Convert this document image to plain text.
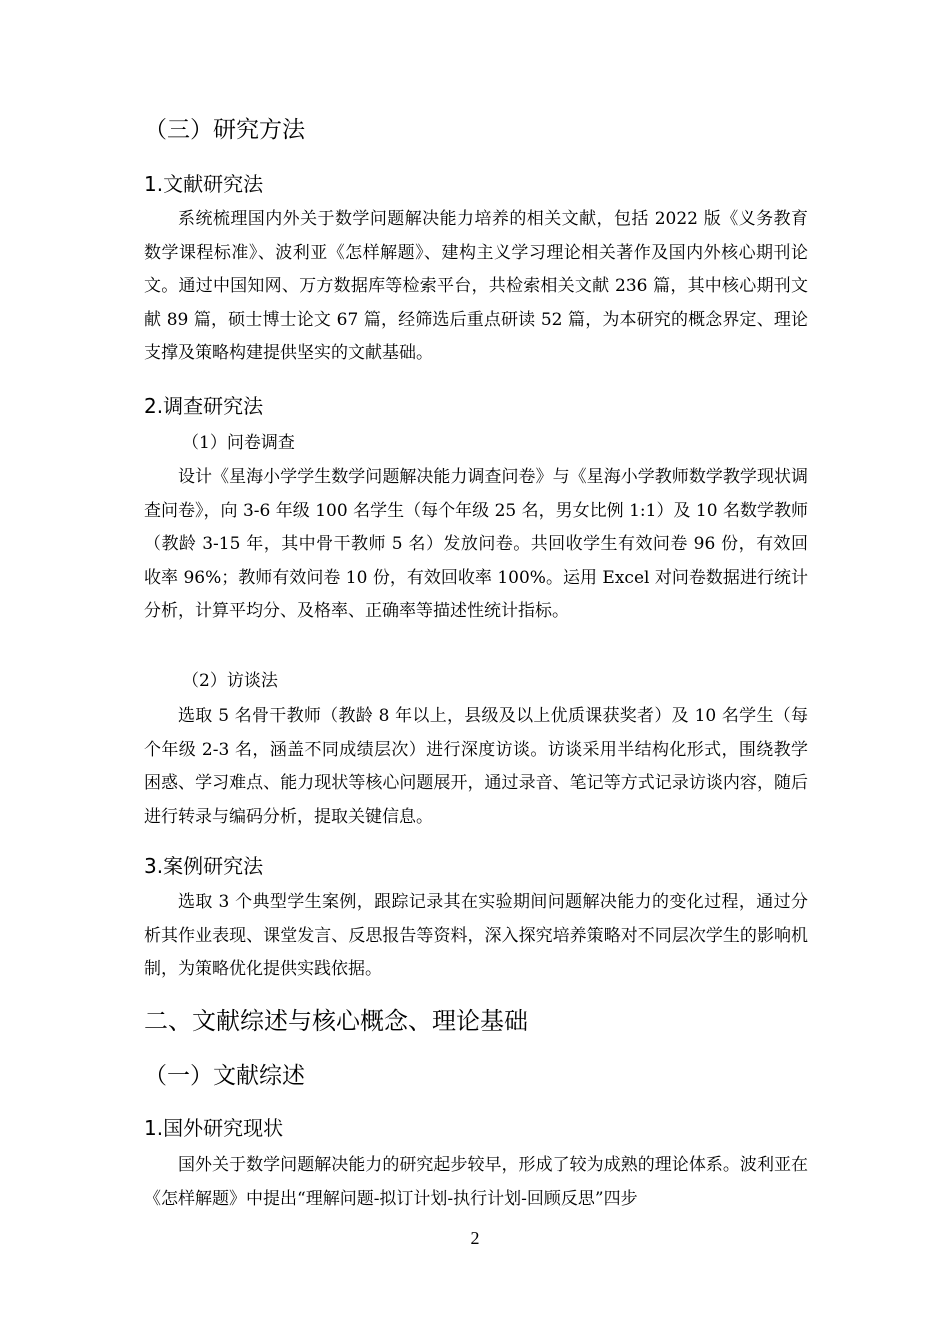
（三）研究方法
1.文献研究法
系统梳理国内外关于数学问题解决能力培养的相关文献，包括 2022 版《义务教育数学课程标准》、波利亚《怎样解题》、建构主义学习理论相关著作及国内外核心期刊论文。通过中国知网、万方数据库等检索平台，共检索相关文献 236 篇，其中核心期刊文献 89 篇，硕士博士论文 67 篇，经筛选后重点研读 52 篇，为本研究的概念界定、理论支撑及策略构建提供坚实的文献基础。
2.调查研究法
（1）问卷调查
设计《星海小学学生数学问题解决能力调查问卷》与《星海小学教师数学教学现状调查问卷》，向 3-6 年级 100 名学生（每个年级 25 名，男女比例 1:1）及 10 名数学教师（教龄 3-15 年，其中骨干教师 5 名）发放问卷。共回收学生有效问卷 96 份，有效回收率 96%；教师有效问卷 10 份，有效回收率 100%。运用 Excel 对问卷数据进行统计分析，计算平均分、及格率、正确率等描述性统计指标。
（2）访谈法
选取 5 名骨干教师（教龄 8 年以上，县级及以上优质课获奖者）及 10 名学生（每个年级 2-3 名，涵盖不同成绩层次）进行深度访谈。访谈采用半结构化形式，围绕教学困惑、学习难点、能力现状等核心问题展开，通过录音、笔记等方式记录访谈内容，随后进行转录与编码分析，提取关键信息。
3.案例研究法
选取 3 个典型学生案例，跟踪记录其在实验期间问题解决能力的变化过程，通过分析其作业表现、课堂发言、反思报告等资料，深入探究培养策略对不同层次学生的影响机制，为策略优化提供实践依据。
二、文献综述与核心概念、理论基础
（一）文献综述
1.国外研究现状
国外关于数学问题解决能力的研究起步较早，形成了较为成熟的理论体系。波利亚在《怎样解题》中提出“理解问题-拟订计划-执行计划-回顾反思”四步
2
